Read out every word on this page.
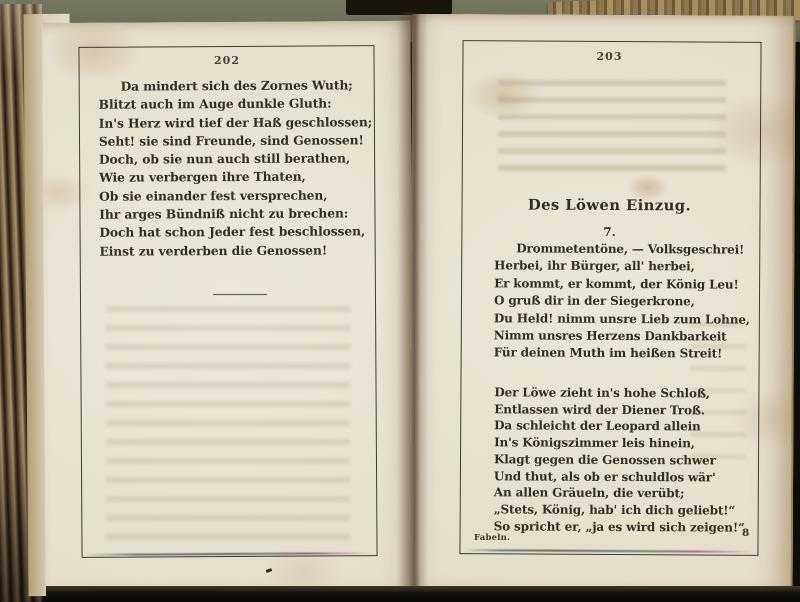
202
Da mindert sich des Zornes Wuth;
Blitzt auch im Auge dunkle Gluth:
In's Herz wird tief der Haß geschlossen;
Seht! sie sind Freunde, sind Genossen!
Doch, ob sie nun auch still berathen,
Wie zu verbergen ihre Thaten,
Ob sie einander fest versprechen,
Ihr arges Bündniß nicht zu brechen:
Doch hat schon Jeder fest beschlossen,
Einst zu verderben die Genossen!
203
Des Löwen Einzug.
7.
Drommetentöne, — Volksgeschrei!
Herbei, ihr Bürger, all' herbei,
Er kommt, er kommt, der König Leu!
O gruß dir in der Siegerkrone,
Du Held! nimm unsre Lieb zum Lohne,
Nimm unsres Herzens Dankbarkeit
Für deinen Muth im heißen Streit!
Der Löwe zieht in's hohe Schloß,
Entlassen wird der Diener Troß.
Da schleicht der Leopard allein
In's Königszimmer leis hinein,
Klagt gegen die Genossen schwer
Und thut, als ob er schuldlos wär'
An allen Gräueln, die verübt;
„Stets, König, hab' ich dich geliebt!“
So spricht er, „ja es wird sich zeigen!“
Fabeln.	8
